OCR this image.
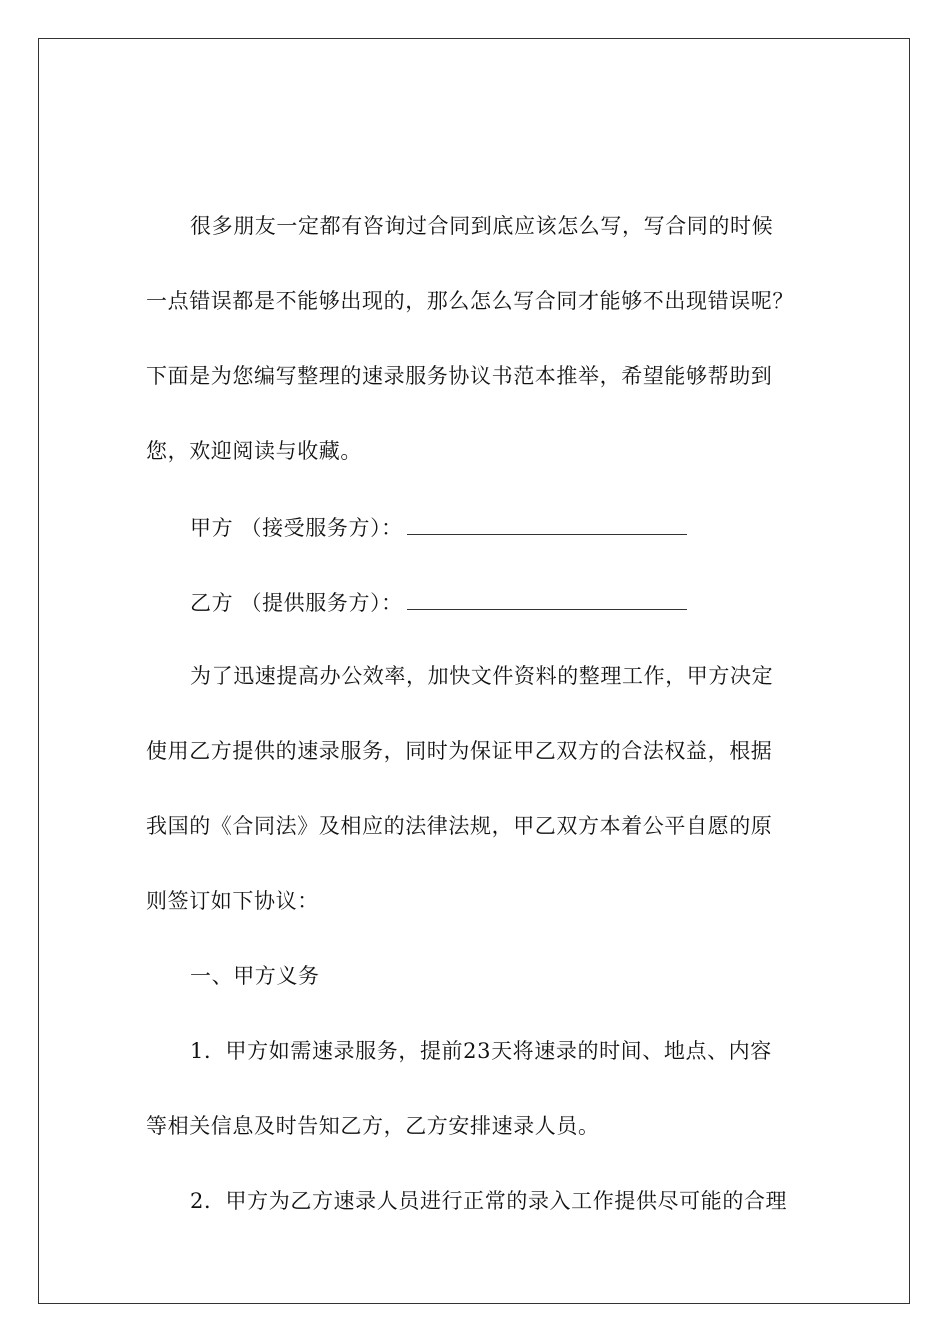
很多朋友一定都有咨询过合同到底应该怎么写，写合同的时候
一点错误都是不能够出现的，那么怎么写合同才能够不出现错误呢？
下面是为您编写整理的速录服务协议书范本推举，希望能够帮助到
您，欢迎阅读与收藏。
甲方 （接受服务方）：
乙方 （提供服务方）：
为了迅速提高办公效率，加快文件资料的整理工作，甲方决定
使用乙方提供的速录服务，同时为保证甲乙双方的合法权益，根据
我国的《合同法》及相应的法律法规，甲乙双方本着公平自愿的原
则签订如下协议：
一、甲方义务
1．甲方如需速录服务，提前23天将速录的时间、地点、内容
等相关信息及时告知乙方，乙方安排速录人员。
2．甲方为乙方速录人员进行正常的录入工作提供尽可能的合理
